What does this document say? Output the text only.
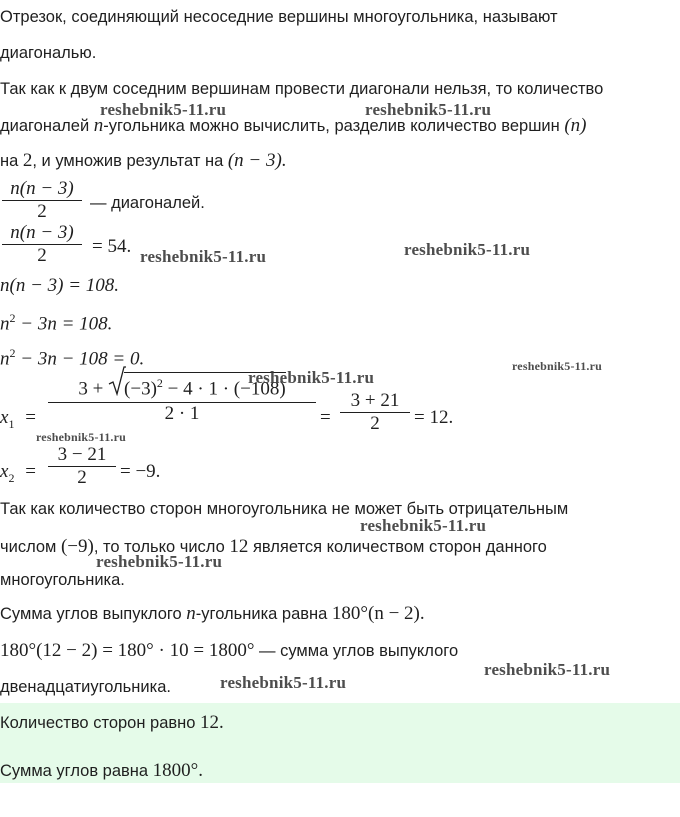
Отрезок, соединяющий несоседние вершины многоугольника, называют
диагональю.
Так как к двум соседним вершинам провести диагонали нельзя, то количество
диагоналей n-угольника можно вычислить, разделив количество вершин (n)
на 2, и умножив результат на (n − 3).
n(n − 3)
2	— диагоналей.
n(n − 3)
2	= 54.
n(n − 3) = 108.
$n^2 - 3n = 108$.
$n^2 - 3n - 108 = 0$.
$x_1$ =
3 +
$(-3)^2 - 4 \cdot 1 \cdot (-108)$
2 · 1	=
3 + 21
2	= 12.
$x_2$ =
3 − 21
2	= −9.
Так как количество сторон многоугольника не может быть отрицательным
числом (−9), то только число 12 является количеством сторон данного
многоугольника.
Сумма углов выпуклого n-угольника равна 180°(n − 2).
180°(12 − 2) = 180° · 10 = 1800° — сумма углов выпуклого
двенадцатиугольника.
Количество сторон равно 12.
Сумма углов равна 1800°.
reshebnik5-11.ru	reshebnik5-11.ru
reshebnik5-11.ru	reshebnik5-11.ru
reshebnik5-11.ru
reshebnik5-11.ru
reshebnik5-11.ru
reshebnik5-11.ru
reshebnik5-11.ru
reshebnik5-11.ru
reshebnik5-11.ru
